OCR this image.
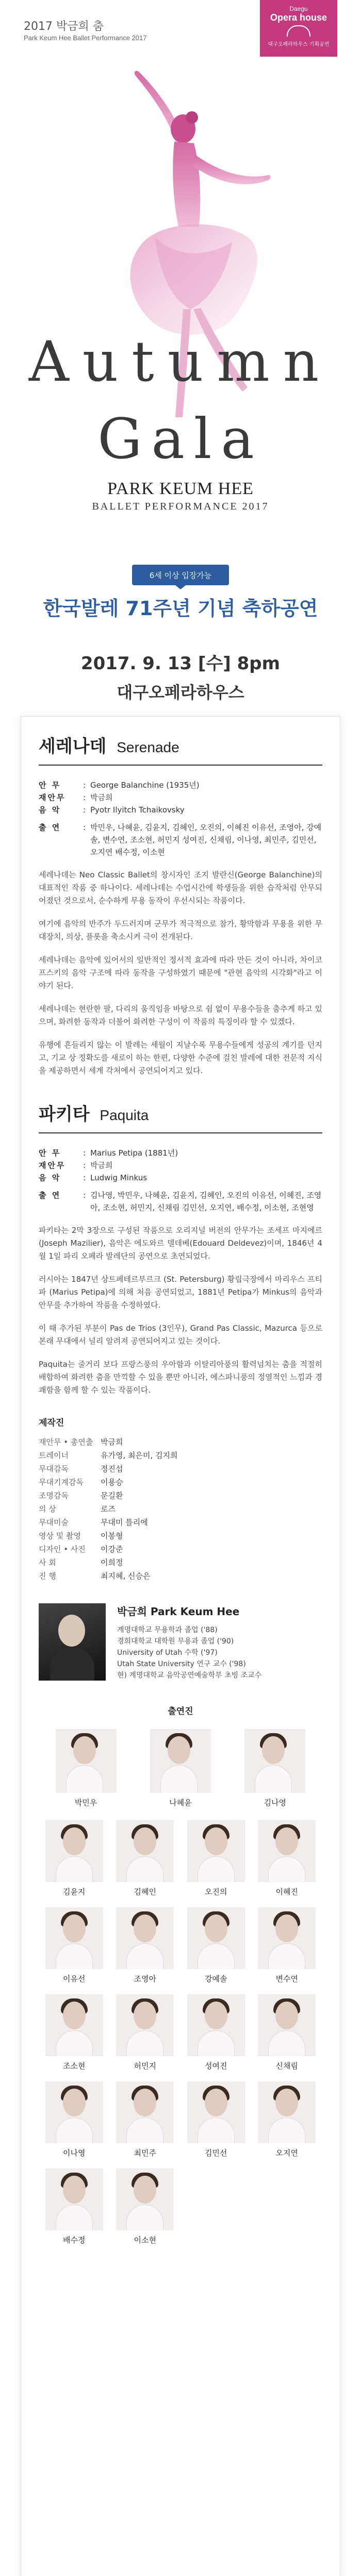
2017 박금희 춤
Park Keum Hee Ballet Performance 2017
Daegu
Opera house
대구오페라하우스 기획공연
Autumn
Gala
PARK KEUM HEE
BALLET PERFORMANCE 2017
6세 이상 입장가능
한국발레 71주년 기념 축하공연
2017. 9. 13 [수] 8pm
대구오페라하우스
세레나데 Serenade
안 무	: George Balanchine (1935년)
재안무	: 박금희
음 악	: Pyotr Ilyitch Tchaikovsky
출 연	: 박민우, 나혜윤, 김윤지, 김혜인, 오진의, 이혜진 이유선, 조영아, 강예솔, 변수연, 조소현, 허민지 성여진, 신채림, 이나영, 최민주, 김민선, 오지연 배수정, 이소현

세레나데는 Neo Classic Ballet의 창시자인 조지 발란신(George Balanchine)의 대표적인 작품 중 하나이다. 세레나데는 수업시간에 학생들을 위한 습작처럼 안무되어졌던 것으로서, 순수하게 무용 동작이 우선시되는 작품이다.

여기에 음악의 반주가 두드러지며 군무가 적극적으로 참가, 황막함과 무용을 위한 무대장치, 의상, 플롯을 축소시켜 극이 전개된다.

세레나데는 음악에 있어서의 일반적인 정서적 효과에 따라 만든 것이 아니라, 차이코프스키의 음악 구조에 따라 동작을 구성하였기 때문에 "관현 음악의 시각화"라고 이야기 된다.

세레나데는 현란한 팔, 다리의 움직임을 바탕으로 쉼 없이 무용수들을 춤추게 하고 있으며, 화려한 동작과 더불어 화려한 구성이 이 작품의 특징이라 할 수 있겠다.

유행에 흔들리지 않는 이 발레는 세월이 지날수록 무용수들에게 성공의 계기를 던지고, 기교 상 정확도를 새로이 하는 한편, 다양한 수준에 걸친 발레에 대한 전문적 지식을 제공하면서 세계 각처에서 공연되어지고 있다.

파키타 Paquita
안 무	: Marius Petipa (1881년)
재안무	: 박금희
음 악	: Ludwig Minkus
출 연	: 김나영, 박민우, 나혜윤, 김윤지, 김혜인, 오진의 이유선, 이혜진, 조영아, 조소현, 허민지, 신채림 김민선, 오지연, 배수정, 이소현, 조현영

파키타는 2막 3장으로 구성된 작품으로 오리지널 버전의 안무가는 조세프 마지에르 (Joseph Mazilier), 음악은 에도와르 델데베(Edouard Deldevez)이며, 1846년 4월 1일 파리 오페라 발레단의 공연으로 초연되었다.

러시아는 1847년 상트페테르부르크 (St. Petersburg) 황립극장에서 마리우스 프티파 (Marius Petipa)에 의해 처음 공연되었고, 1881년 Petipa가 Minkus의 음악과 안무를 추가하여 작품을 수정하였다.

이 때 추가된 부분이 Pas de Trios (3인무), Grand Pas Classic, Mazurca 등으로 본래 무대에서 널리 알려져 공연되어지고 있는 것이다.

Paquita는 줄거리 보다 프랑스풍의 우아함과 이탈리아풍의 활력넘치는 춤을 적절히 배합하여 화려한 춤을 만끽할 수 있을 뿐만 아니라, 에스파니풍의 정열적인 느낌과 경쾌함을 함께 할 수 있는 작품이다.

제작진
재안무 • 총연출 박금희
트레이너	유가영, 최은미, 김지희
무대감독	정진섭
무대기계감독	이용승
조명감독	문길환
의 상	로즈
무대미술	무대미 틀리에
영상 및 촬영	이봉형
디자인 • 사진	이강준
사 회	이희정
진 행	최지혜, 신승은
박금희 Park Keum Hee
계명대학교 무용학과 졸업 ('88)
경희대학교 대학원 무용과 졸업 ('90)
University of Utah 수학 ('97)
Utah State University 연구 교수 ('98)
현) 계명대학교 음악공연예술학부 초빙 조교수
출연진
박민우	나혜윤	김나영
김윤지	김혜인	오진의	이혜진
이유선	조영아	강예솔	변수연
조소현	허민지	성여진	신채림
이나영	최민주	김민선	오지연
배수정	이소현
